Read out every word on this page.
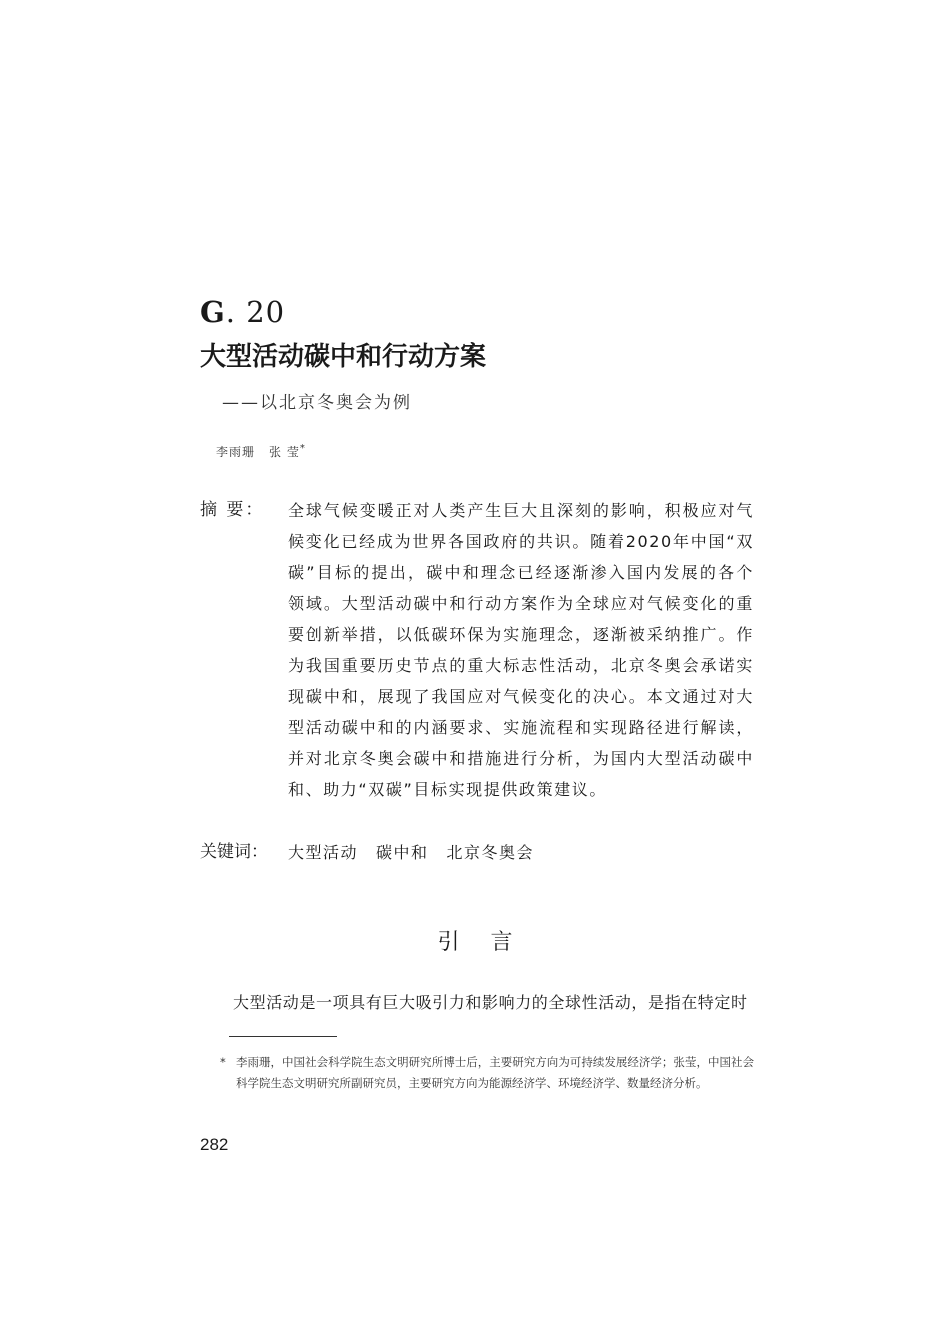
G. 20
大型活动碳中和行动方案
——以北京冬奥会为例
李雨珊 张 莹*
摘 要： 全球气候变暖正对人类产生巨大且深刻的影响，积极应对气候变化已经成为世界各国政府的共识。随着2020年中国“双碳”目标的提出，碳中和理念已经逐渐渗入国内发展的各个领域。大型活动碳中和行动方案作为全球应对气候变化的重要创新举措，以低碳环保为实施理念，逐渐被采纳推广。作为我国重要历史节点的重大标志性活动，北京冬奥会承诺实现碳中和，展现了我国应对气候变化的决心。本文通过对大型活动碳中和的内涵要求、实施流程和实现路径进行解读，并对北京冬奥会碳中和措施进行分析，为国内大型活动碳中和、助力“双碳”目标实现提供政策建议。

关键词： 大型活动 碳中和 北京冬奥会
引 言
大型活动是一项具有巨大吸引力和影响力的全球性活动，是指在特定时
* 李雨珊，中国社会科学院生态文明研究所博士后，主要研究方向为可持续发展经济学；张莹，中国社会科学院生态文明研究所副研究员，主要研究方向为能源经济学、环境经济学、数量经济分析。
282
